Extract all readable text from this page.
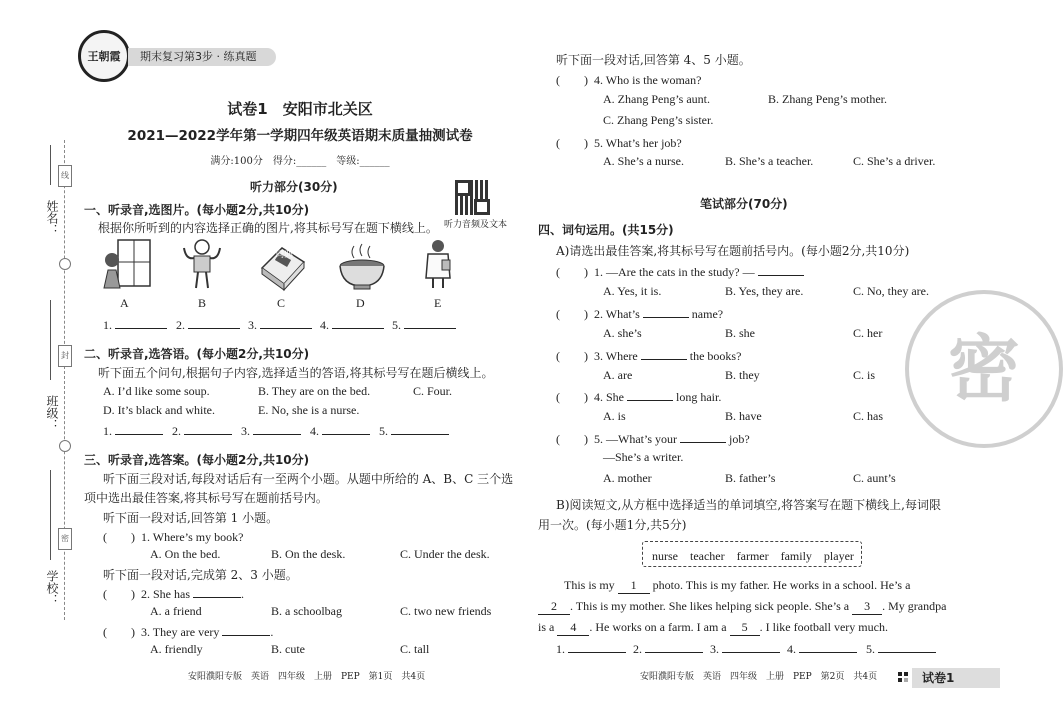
姓名：
班级：
学校：
线
封
密
王朝霞	期末复习第3步 · 练真题
试卷1　安阳市北关区
2021—2022学年第一学期四年级英语期末质量抽测试卷
满分:100分　得分:______　等级:______
听力部分(30分)
听力音频及文本
一、听录音,选图片。(每小题2分,共10分)
根据你所听到的内容选择正确的图片,将其标号写在题下横线上。
A	B
词典
C	D	E
1.	2.	3.	4.	5.
二、听录音,选答语。(每小题2分,共10分)
听下面五个问句,根据句子内容,选择适当的答语,将其标号写在题后横线上。
A. I’d like some soup.	B. They are on the bed.	C. Four.
D. It’s black and white.	E. No, she is a nurse.
1.	2.	3.	4.	5.
三、听录音,选答案。(每小题2分,共10分)
听下面三段对话,每段对话后有一至两个小题。从题中所给的 A、B、C 三个选
项中选出最佳答案,将其标号写在题前括号内。
听下面一段对话,回答第 1 小题。
(　　) 1. Where’s my book?
A. On the bed.	B. On the desk.	C. Under the desk.
听下面一段对话,完成第 2、3 小题。
(　　) 2. She has	.
A. a friend	B. a schoolbag	C. two new friends
(　　) 3. They are very	.
A. friendly	B. cute	C. tall
安阳濮阳专版　英语　四年级　上册　PEP　第1页　共4页
听下面一段对话,回答第 4、5 小题。
(　　) 4. Who is the woman?
A. Zhang Peng’s aunt.	B. Zhang Peng’s mother.
C. Zhang Peng’s sister.
(　　) 5. What’s her job?
A. She’s a nurse.	B. She’s a teacher.	C. She’s a driver.
密
笔试部分(70分)
四、词句运用。(共15分)
A)请选出最佳答案,将其标号写在题前括号内。(每小题2分,共10分)
(　　) 1. —Are the cats in the study? —
A. Yes, it is.	B. Yes, they are.	C. No, they are.
(　　) 2. What’s	name?
A. she’s	B. she	C. her
(　　) 3. Where	the books?
A. are	B. they	C. is
(　　) 4. She	long hair.
A. is	B. have	C. has
(　　) 5. —What’s your	job?
—She’s a writer.
A. mother	B. father’s	C. aunt’s
B)阅读短文,从方框中选择适当的单词填空,将答案写在题下横线上,每词限
用一次。(每小题1分,共5分)
nurse　teacher　farmer　family　player
This is my 1 photo. This is my father. He works in a school. He’s a
2 . This is my mother. She likes helping sick people. She’s a 3 . My grandpa
is a 4 . He works on a farm. I am a 5 . I like football very much.
1.	2.	3.	4.	5.
安阳濮阳专版　英语　四年级　上册　PEP　第2页　共4页	试卷1
